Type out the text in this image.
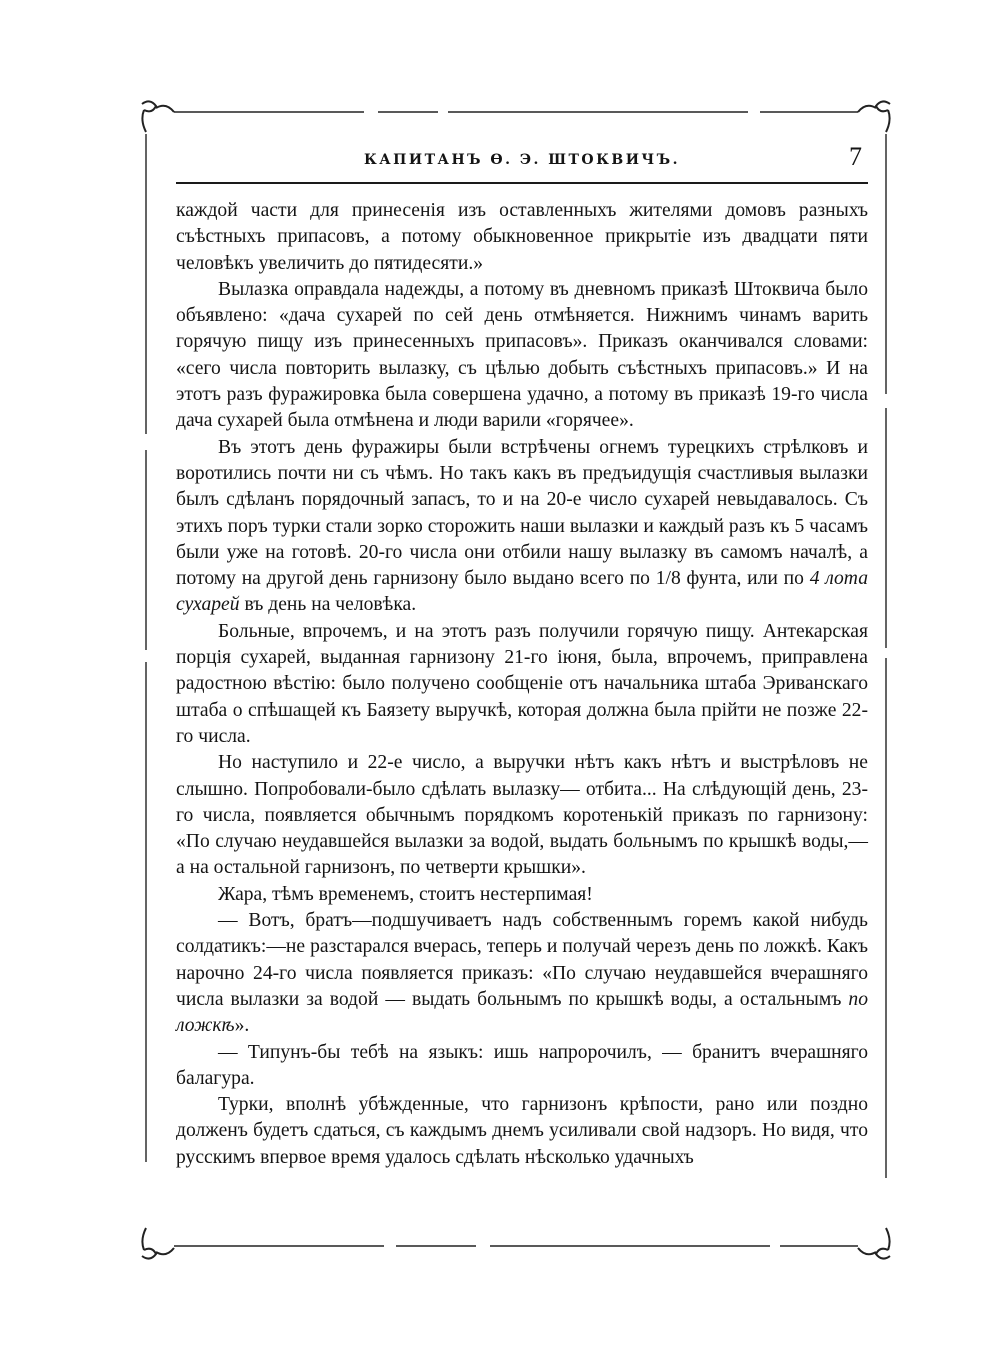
КАПИТАНЪ Ѳ. Э. ШТОКВИЧЪ.	7

каждой части для принесенія изъ оставленныхъ жителями домовъ разныхъ съѣстныхъ припасовъ, а потому обыкновенное прикрытіе изъ двадцати пяти человѣкъ увеличить до пятидесяти.»

Вылазка оправдала надежды, а потому въ дневномъ приказѣ Штоквича было объявлено: «дача сухарей по сей день отмѣняется. Нижнимъ чинамъ варить горячую пищу изъ принесенныхъ припасовъ». Приказъ оканчивался словами: «сего числа повторить вылазку, съ цѣлью добыть съѣстныхъ припасовъ.» И на этотъ разъ фуражировка была совершена удачно, а потому въ приказѣ 19-го числа дача сухарей была отмѣнена и люди варили «горячее».

Въ этотъ день фуражиры были встрѣчены огнемъ турецкихъ стрѣлковъ и воротились почти ни съ чѣмъ. Но такъ какъ въ предъидущія счастливыя вылазки былъ сдѣланъ порядочный запасъ, то и на 20-е число сухарей невыдавалось. Съ этихъ поръ турки стали зорко сторожить наши вылазки и каждый разъ къ 5 часамъ были уже на готовѣ. 20-го числа они отбили нашу вылазку въ самомъ началѣ, а потому на другой день гарнизону было выдано всего по 1/8 фунта, или по 4 лота сухарей въ день на человѣка.

Больные, впрочемъ, и на этотъ разъ получили горячую пищу. Антекарская порція сухарей, выданная гарнизону 21-го іюня, была, впрочемъ, приправлена радостною вѣстію: было получено сообщеніе отъ начальника штаба Эриванскаго штаба о спѣшащей къ Баязету выручкѣ, которая должна была прійти не позже 22-го числа.

Но наступило и 22-е число, а выручки нѣтъ какъ нѣтъ и выстрѣловъ не слышно. Попробовали-было сдѣлать вылазку— отбита... На слѣдующій день, 23-го числа, появляется обычнымъ порядкомъ коротенькій приказъ по гарнизону: «По случаю неудавшейся вылазки за водой, выдать больнымъ по крышкѣ воды,—а на остальной гарнизонъ, по четверти крышки».

Жара, тѣмъ временемъ, стоитъ нестерпимая!

— Вотъ, братъ—подшучиваетъ надъ собственнымъ горемъ какой нибудь солдатикъ:—не разстарался вчерась, теперь и получай черезъ день по ложкѣ. Какъ нарочно 24-го числа появляется приказъ: «По случаю неудавшейся вчерашняго числа вылазки за водой — выдать больнымъ по крышкѣ воды, а остальнымъ по ложкѣ».

— Типунъ-бы тебѣ на языкъ: ишь напророчилъ, — бранитъ вчерашняго балагура.

Турки, вполнѣ убѣжденные, что гарнизонъ крѣпости, рано или поздно долженъ будетъ сдаться, съ каждымъ днемъ усиливали свой надзоръ. Но видя, что русскимъ впервое время удалось сдѣлать нѣсколько удачныхъ
